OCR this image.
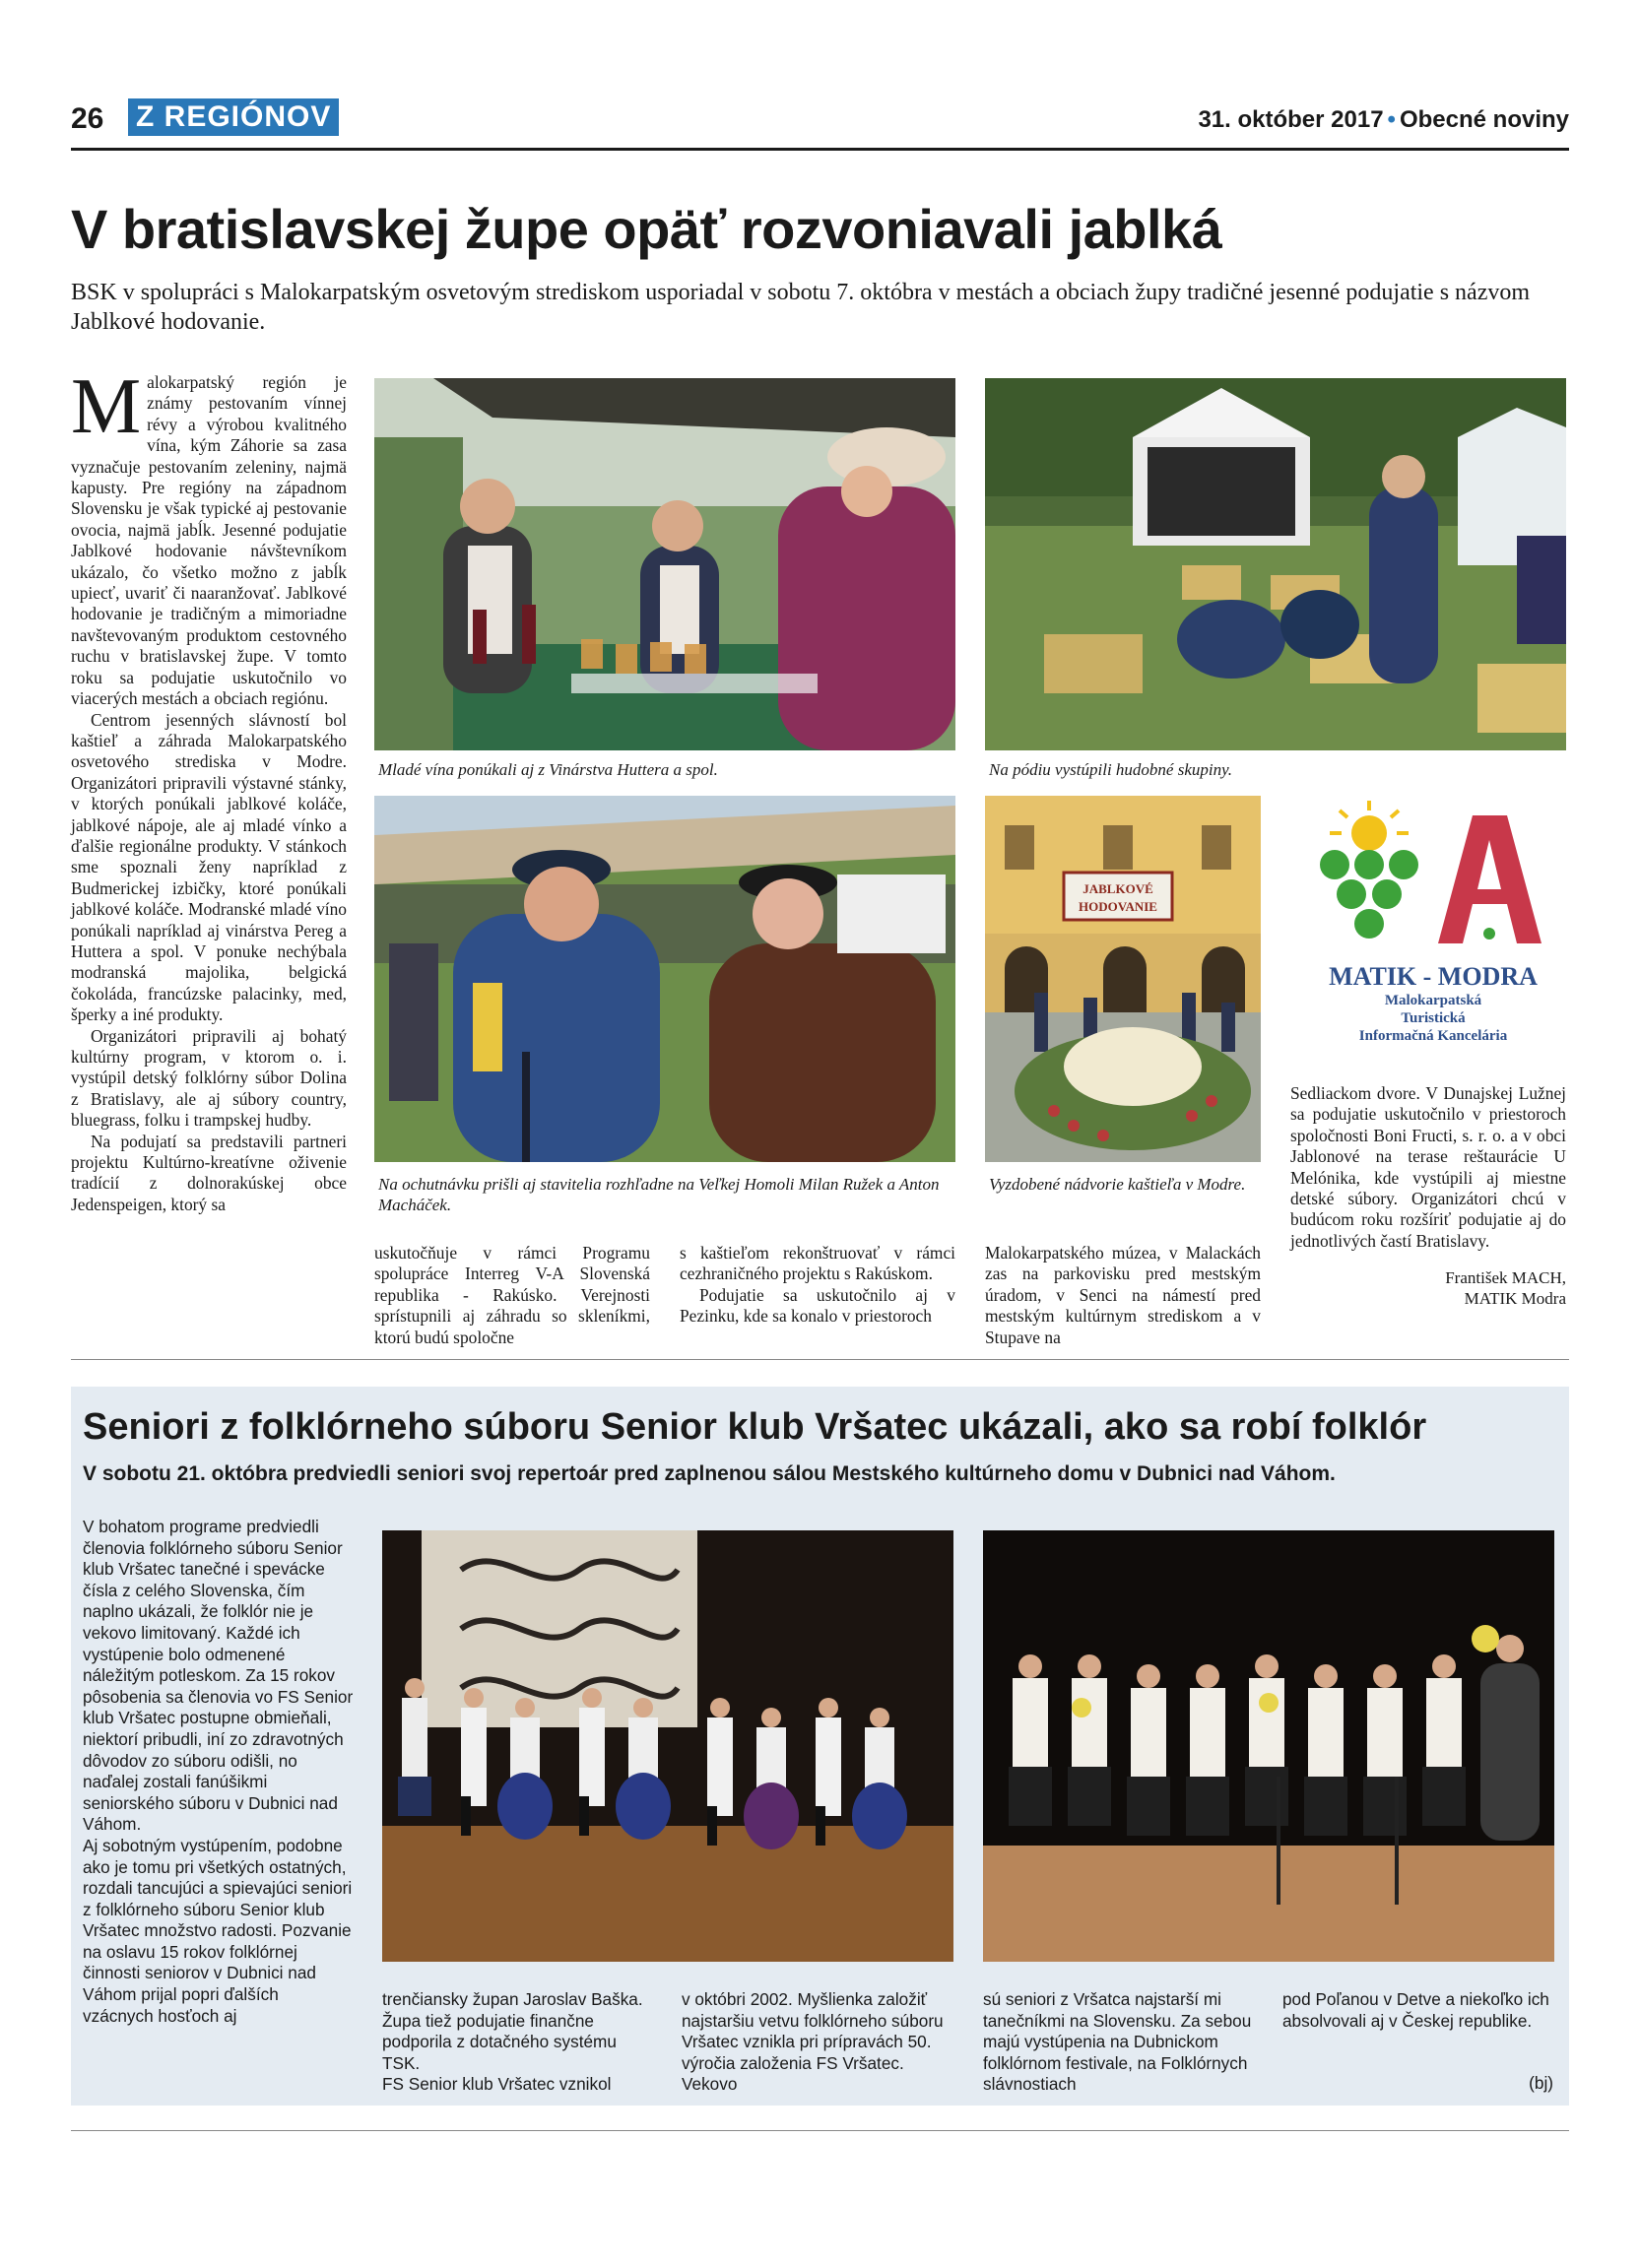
26 Z REGIÓNOV	31. október 2017 • Obecné noviny
V bratislavskej župe opäť rozvoniavali jablká
BSK v spolupráci s Malokarpatským osvetovým strediskom usporiadal v sobotu 7. októbra v mestách a obciach župy tradičné jesenné podujatie s názvom Jablkové hodovanie.

Malokarpatský región je známy pestovaním vínnej révy a výrobou kvalitného vína, kým Záhorie sa zasa vyznačuje pestovaním zeleniny, najmä kapusty. Pre regióny na západnom Slovensku je však typické aj pestovanie ovocia, najmä jabĺk. Jesenné podujatie Jablkové hodovanie návštevníkom ukázalo, čo všetko možno z jabĺk upiecť, uvariť či naaranžovať. Jablkové hodovanie je tradičným a mimoriadne navštevovaným produktom cestovného ruchu v bratislavskej župe. V tomto roku sa podujatie uskutočnilo vo viacerých mestách a obciach regiónu.

Centrom jesenných slávností bol kaštieľ a záhrada Malokarpatského osvetového strediska v Modre. Organizátori pripravili výstavné stánky, v ktorých ponúkali jablkové koláče, jablkové nápoje, ale aj mladé vínko a ďalšie regionálne produkty. V stánkoch sme spoznali ženy napríklad z Budmerickej izbičky, ktoré ponúkali jablkové koláče. Modranské mladé víno ponúkali napríklad aj vinárstva Pereg a Huttera a spol. V ponuke nechýbala modranská majolika, belgická čokoláda, francúzske palacinky, med, šperky a iné produkty.

Organizátori pripravili aj bohatý kultúrny program, v ktorom o. i. vystúpil detský folklórny súbor Dolina z Bratislavy, ale aj súbory country, bluegrass, folku i trampskej hudby.

Na podujatí sa predstavili partneri projektu Kultúrno-kreatívne oživenie tradícií z dolnorakúskej obce Jedenspeigen, ktorý sa

Mladé vína ponúkali aj z Vinárstva Huttera a spol.	Na pódiu vystúpili hudobné skupiny.
Na ochutnávku prišli aj stavitelia rozhľadne na Veľkej Homoli Milan Ružek a Anton Macháček.
JABLKOVÉ
HODOVANIE
Vyzdobené nádvorie kaštieľa v Modre.
MATIK - MODRA
Malokarpatská
Turistická
Informačná Kancelária

uskutočňuje v rámci Programu spolupráce Interreg V-A Slovenská republika - Rakúsko. Verejnosti sprístupnili aj záhradu so skleníkmi, ktorú budú spoločne

s kaštieľom rekonštruovať v rámci cezhraničného projektu s Rakúskom.

Podujatie sa uskutočnilo aj v Pezinku, kde sa konalo v priestoroch

Malokarpatského múzea, v Malackách zas na parkovisku pred mestským úradom, v Senci na námestí pred mestským kultúrnym strediskom a v Stupave na

Sedliackom dvore. V Dunajskej Lužnej sa podujatie uskutočnilo v priestoroch spoločnosti Boni Fructi, s. r. o. a v obci Jablonové na terase reštaurácie U Melónika, kde vystúpili aj miestne detské súbory. Organizátori chcú v budúcom roku rozšíriť podujatie aj do jednotlivých častí Bratislavy.

František MACH,
MATIK Modra
Seniori z folklórneho súboru Senior klub Vršatec ukázali, ako sa robí folklór
V sobotu 21. októbra predviedli seniori svoj repertoár pred zaplnenou sálou Mestského kultúrneho domu v Dubnici nad Váhom.

V bohatom programe predviedli členovia folklórneho súboru Senior klub Vršatec tanečné i spevácke čísla z celého Slovenska, čím naplno ukázali, že folklór nie je vekovo limitovaný. Každé ich vystúpenie bolo odmenené náležitým potleskom. Za 15 rokov pôsobenia sa členovia vo FS Senior klub Vršatec postupne obmieňali, niektorí pribudli, iní zo zdravotných dôvodov zo súboru odišli, no naďalej zostali fanúšikmi seniorského súboru v Dubnici nad Váhom.

Aj sobotným vystúpením, podobne ako je tomu pri všetkých ostatných, rozdali tancujúci a spievajúci seniori z folklórneho súboru Senior klub Vršatec množstvo radosti. Pozvanie na oslavu 15 rokov folklórnej činnosti seniorov v Dubnici nad Váhom prijal popri ďalších vzácnych hosťoch aj

trenčiansky župan Jaroslav Baška. Župa tiež podujatie finančne podporila z dotačného systému TSK.

FS Senior klub Vršatec vznikol

v októbri 2002. Myšlienka založiť najstaršiu vetvu folklórneho súboru Vršatec vznikla pri prípravách 50. výročia založenia FS Vršatec. Vekovo

sú seniori z Vršatca najstarší mi tanečníkmi na Slovensku. Za sebou majú vystúpenia na Dubnickom folklórnom festivale, na Folklórnych slávnostiach

pod Poľanou v Detve a niekoľko ich absolvovali aj v Českej republike.

(bj)
